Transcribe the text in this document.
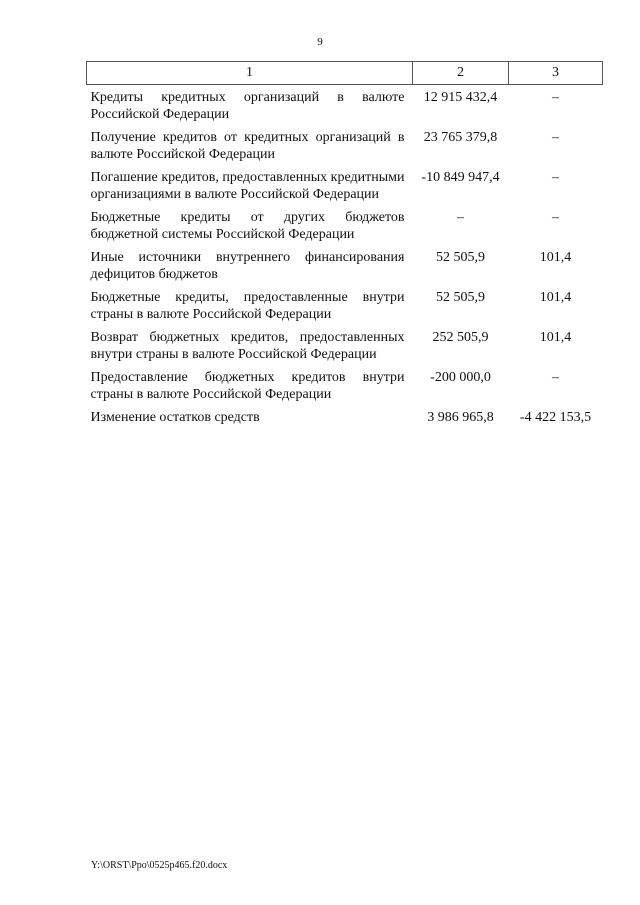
9
1	2	3
Кредиты кредитных организаций в валюте Российской Федерации	12 915 432,4	–
Получение кредитов от кредитных организаций в валюте Российской Федерации	23 765 379,8	–
Погашение кредитов, предоставленных кредитными организациями в валюте Российской Федерации	-10 849 947,4	–
Бюджетные кредиты от других бюджетов бюджетной системы Российской Федерации	–	–
Иные источники внутреннего финансирования дефицитов бюджетов	52 505,9	101,4
Бюджетные кредиты, предоставленные внутри страны в валюте Российской Федерации	52 505,9	101,4
Возврат бюджетных кредитов, предоставленных внутри страны в валюте Российской Федерации	252 505,9	101,4
Предоставление бюджетных кредитов внутри страны в валюте Российской Федерации	-200 000,0	–
Изменение остатков средств	3 986 965,8	-4 422 153,5
Y:\ORST\Ppo\0525p465.f20.docx
